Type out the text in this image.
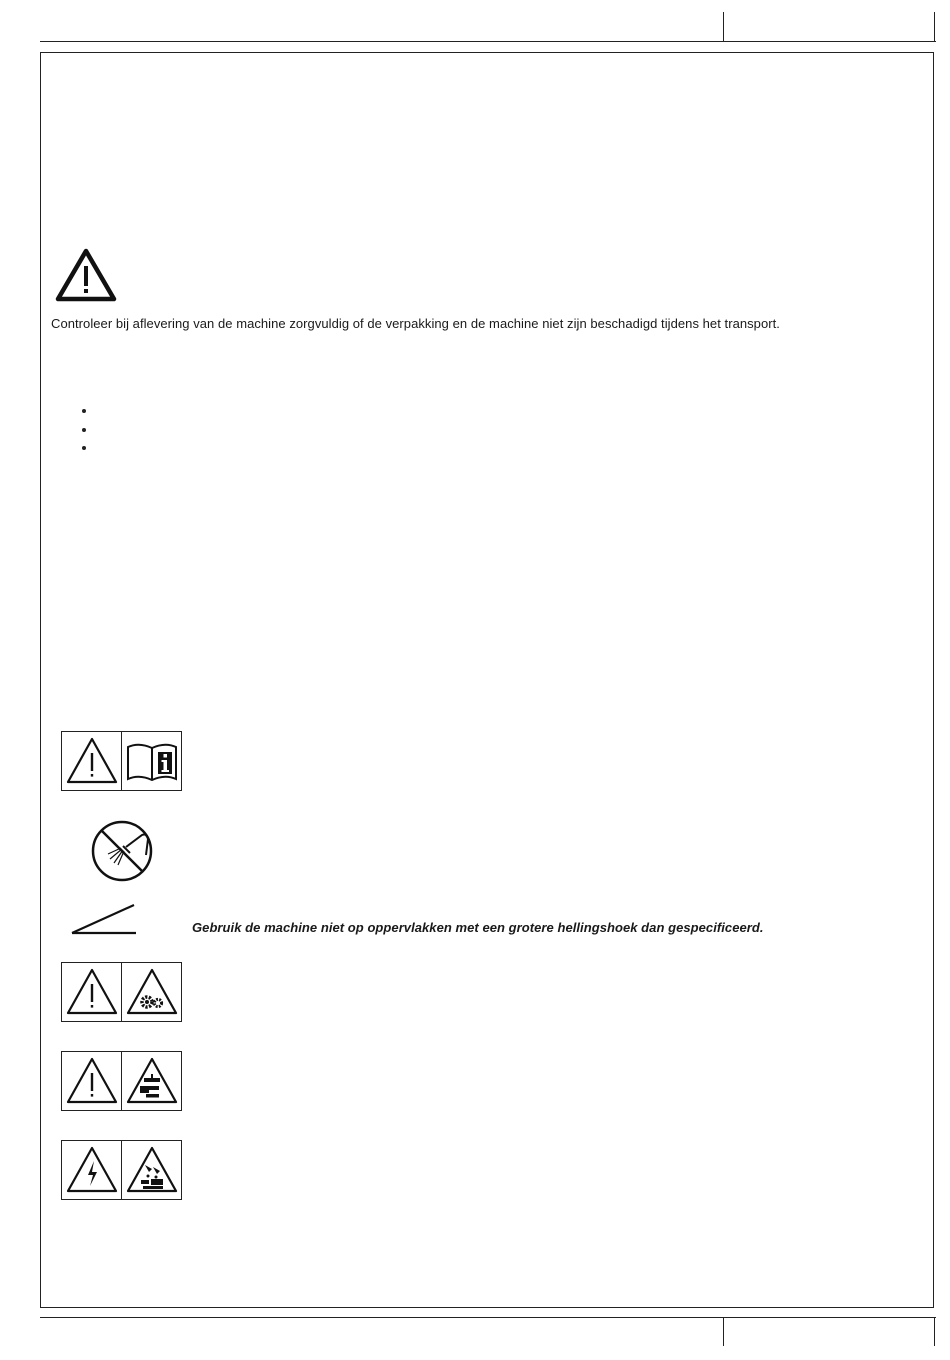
Controleer bij aflevering van de machine zorgvuldig of de verpakking en de machine niet zijn beschadigd tijdens het transport.
Gebruik de machine niet op oppervlakken met een grotere hellingshoek dan gespecificeerd.
